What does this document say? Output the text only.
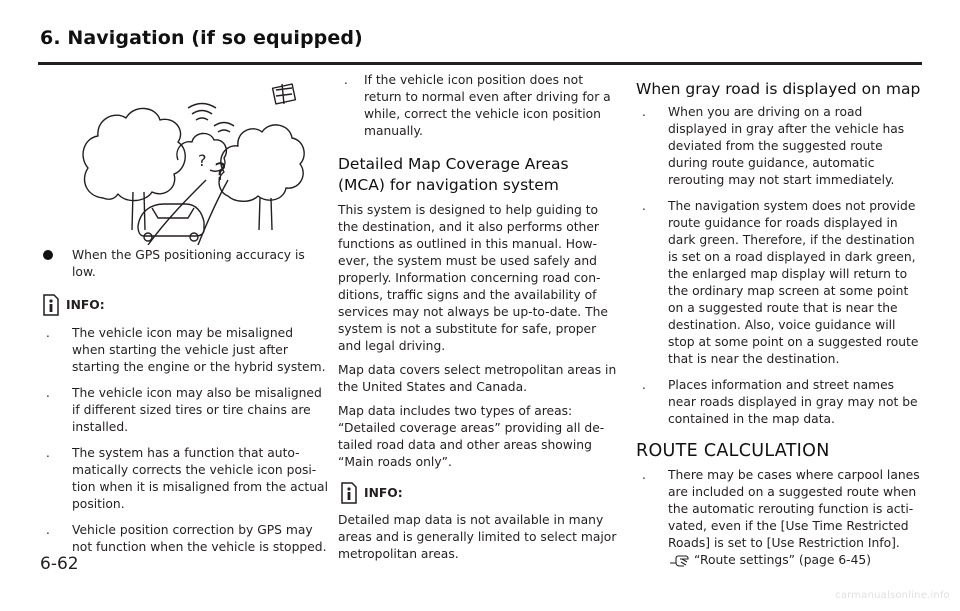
6. Navigation (if so equipped)
?
?

When the GPS positioning accuracy is low.

INFO:
. The vehicle icon may be misaligned when starting the vehicle just after starting the engine or the hybrid system.

. The vehicle icon may also be misaligned if different sized tires or tire chains are installed.

. The system has a function that auto-matically corrects the vehicle icon posi-tion when it is misaligned from the actual position.

. Vehicle position correction by GPS may not function when the vehicle is stopped.

. If the vehicle icon position does not return to normal even after driving for a while, correct the vehicle icon position manually.

Detailed Map Coverage Areas (MCA) for navigation system

This system is designed to help guiding to the destination, and it also performs other functions as outlined in this manual. How-ever, the system must be used safely and properly. Information concerning road con-ditions, traffic signs and the availability of services may not always be up-to-date. The system is not a substitute for safe, proper and legal driving.

Map data covers select metropolitan areas in the United States and Canada.

Map data includes two types of areas: “Detailed coverage areas” providing all de-tailed road data and other areas showing “Main roads only”.

INFO:

Detailed map data is not available in many areas and is generally limited to select major metropolitan areas.

When gray road is displayed on map
. When you are driving on a road displayed in gray after the vehicle has deviated from the suggested route during route guidance, automatic rerouting may not start immediately.

. The navigation system does not provide route guidance for roads displayed in dark green. Therefore, if the destination is set on a road displayed in dark green, the enlarged map display will return to the ordinary map screen at some point on a suggested route that is near the destination. Also, voice guidance will stop at some point on a suggested route that is near the destination.

. Places information and street names near roads displayed in gray may not be contained in the map data.

ROUTE CALCULATION
. There may be cases where carpool lanes are included on a suggested route when the automatic rerouting function is acti-vated, even if the [Use Time Restricted Roads] is set to [Use Restriction Info].

“Route settings” (page 6-45)
6-62
carmanualsonline.info
